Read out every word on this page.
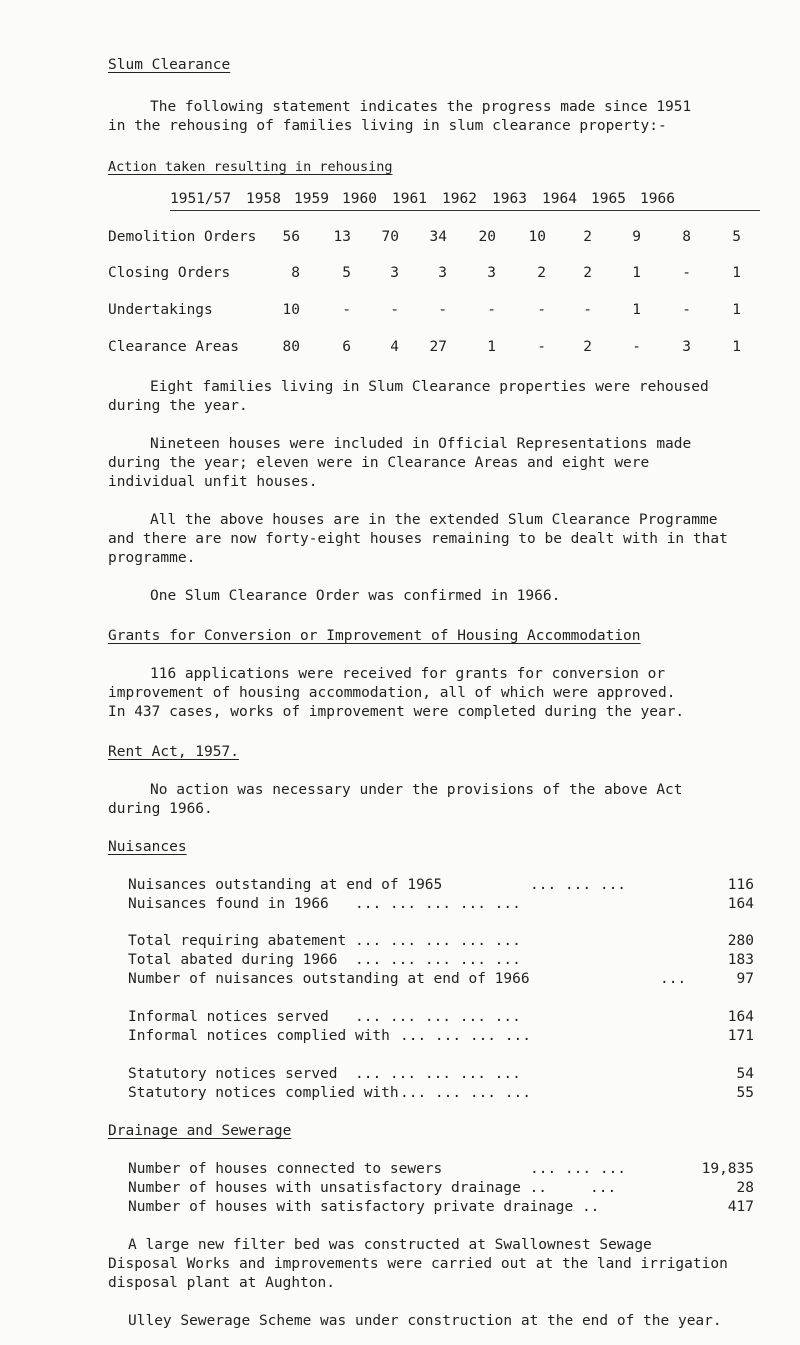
Slum Clearance
The following statement indicates the progress made since 1951
in the rehousing of families living in slum clearance property:-
Action taken resulting in rehousing
1951/57 1958 1959 1960 1961 1962 1963 1964 1965 1966
Demolition Orders	56	13	70	34	20	10	2	9	8	5
Closing Orders	8	5	3	3	3	2	2	1	-	1
Undertakings	10	-	-	-	-	-	-	1	-	1
Clearance Areas	80	6	4	27	1	-	2	-	3	1
Eight families living in Slum Clearance properties were rehoused
during the year.
Nineteen houses were included in Official Representations made
during the year; eleven were in Clearance Areas and eight were
individual unfit houses.
All the above houses are in the extended Slum Clearance Programme
and there are now forty-eight houses remaining to be dealt with in that
programme.
One Slum Clearance Order was confirmed in 1966.
Grants for Conversion or Improvement of Housing Accommodation
116 applications were received for grants for conversion or
improvement of housing accommodation, all of which were approved.
In 437 cases, works of improvement were completed during the year.
Rent Act, 1957.
No action was necessary under the provisions of the above Act
during 1966.
Nuisances
Nuisances outstanding at end of 1965	... ... ...	116
Nuisances found in 1966 ... ... ... ... ...	164
Total requiring abatement ... ... ... ... ...	280
Total abated during 1966 ... ... ... ... ...	183
Number of nuisances outstanding at end of 1966	...	97
Informal notices served ... ... ... ... ...	164
Informal notices complied with ... ... ... ...	171
Statutory notices served ... ... ... ... ...	54
Statutory notices complied with ... ... ... ...	55
Drainage and Sewerage
Number of houses connected to sewers	... ... ...	19,835
Number of houses with unsatisfactory drainage ..	...	28
Number of houses with satisfactory private drainage ..	417
A large new filter bed was constructed at Swallownest Sewage
Disposal Works and improvements were carried out at the land irrigation
disposal plant at Aughton.
Ulley Sewerage Scheme was under construction at the end of the year.
